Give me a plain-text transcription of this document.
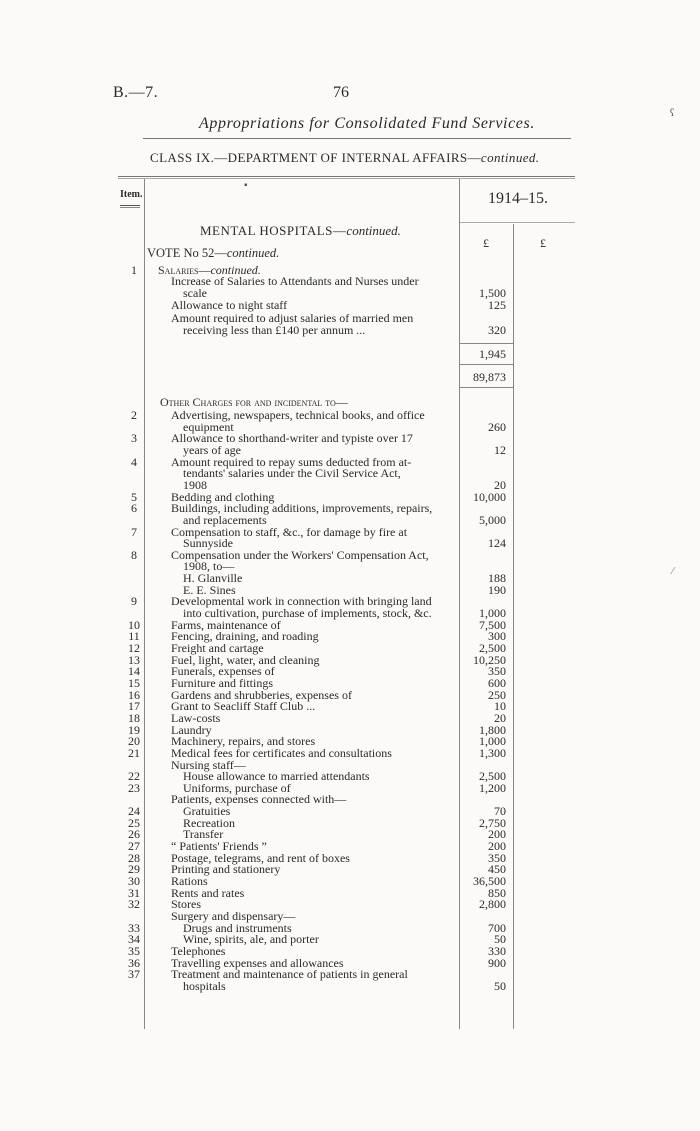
B.—7.	76
Appropriations for Consolidated Fund Services.
CLASS IX.—DEPARTMENT OF INTERNAL AFFAIRS—continued.
Item.	1914–15.
▪
MENTAL HOSPITALS—continued.
£	£
VOTE No 52—continued.
1	Salaries—continued.
Increase of Salaries to Attendants and Nurses under
scale	1,500
Allowance to night staff	125
Amount required to adjust salaries of married men
receiving less than £140 per annum ...	320
1,945
89,873
Other Charges for and incidental to—
2	Advertising, newspapers, technical books, and office
equipment	260
3	Allowance to shorthand-writer and typiste over 17
years of age	12
4	Amount required to repay sums deducted from at-
tendants' salaries under the Civil Service Act,
1908	20
5	Bedding and clothing	10,000
6	Buildings, including additions, improvements, repairs,
and replacements	5,000
7	Compensation to staff, &c., for damage by fire at
Sunnyside	124
8	Compensation under the Workers' Compensation Act,
1908, to—
H. Glanville	188
E. E. Sines	190
9	Developmental work in connection with bringing land
into cultivation, purchase of implements, stock, &c.	1,000
10	Farms, maintenance of	7,500
11	Fencing, draining, and roading	300
12	Freight and cartage	2,500
13	Fuel, light, water, and cleaning	10,250
14	Funerals, expenses of	350
15	Furniture and fittings	600
16	Gardens and shrubberies, expenses of	250
17	Grant to Seacliff Staff Club ...	10
18	Law-costs	20
19	Laundry	1,800
20	Machinery, repairs, and stores	1,000
21	Medical fees for certificates and consultations	1,300
Nursing staff—
22	House allowance to married attendants	2,500
23	Uniforms, purchase of	1,200
Patients, expenses connected with—
24	Gratuities	70
25	Recreation	2,750
26	Transfer	200
27	“ Patients' Friends ”	200
28	Postage, telegrams, and rent of boxes	350
29	Printing and stationery	450
30	Rations	36,500
31	Rents and rates	850
32	Stores	2,800
Surgery and dispensary—
33	Drugs and instruments	700
34	Wine, spirits, ale, and porter	50
35	Telephones	330
36	Travelling expenses and allowances	900
37	Treatment and maintenance of patients in general
hospitals	50
ʕ
⁄
